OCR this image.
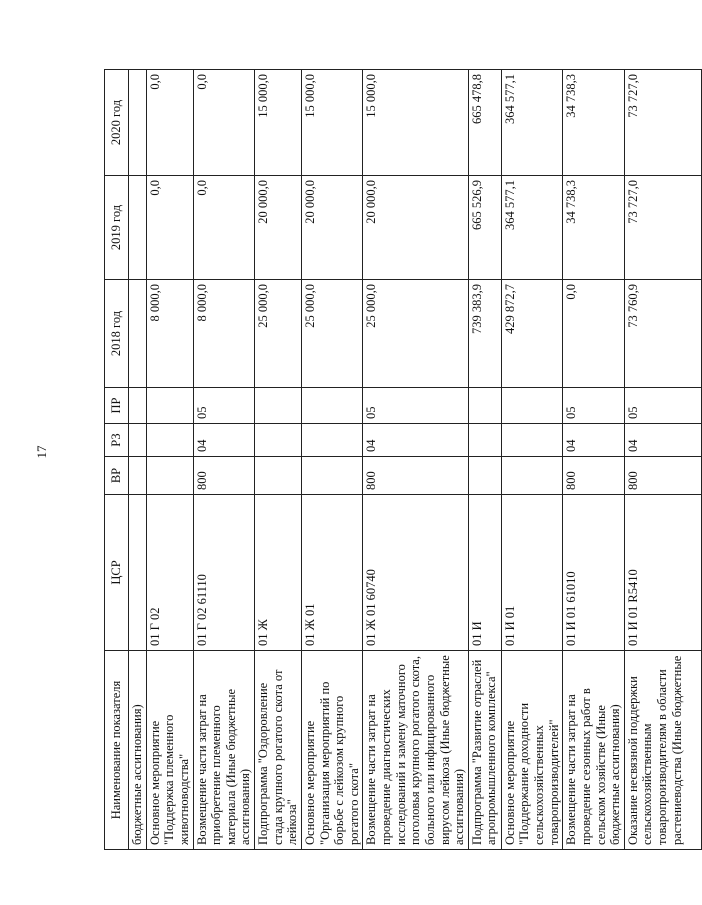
17
Наименование показателя	ЦСР	ВР	РЗ	ПР	2018 год	2019 год	2020 год
бюджетные ассигнования)							
Основное мероприятие "Поддержка племенного животноводства"	01 Г 02				8 000,0	0,0	0,0
Возмещение части затрат на приобретение племенного материала (Иные бюджетные ассигнования)	01 Г 02 61110	800	04	05	8 000,0	0,0	0,0
Подпрограмма "Оздоровление стада крупного рогатого скота от лейкоза"	01 Ж				25 000,0	20 000,0	15 000,0
Основное мероприятие "Организация мероприятий по борьбе с лейкозом крупного рогатого скота"	01 Ж 01				25 000,0	20 000,0	15 000,0
Возмещение части затрат на проведение диагностических исследований и замену маточного поголовья крупного рогатого скота, больного или инфицированного вирусом лейкоза (Иные бюджетные ассигнования)	01 Ж 01 60740	800	04	05	25 000,0	20 000,0	15 000,0
Подпрограмма "Развитие отраслей агропромышленного комплекса"	01 И				739 383,9	665 526,9	665 478,8
Основное мероприятие "Поддержание доходности сельскохозяйственных товаропроизводителей"	01 И 01				429 872,7	364 577,1	364 577,1
Возмещение части затрат на проведение сезонных работ в сельском хозяйстве (Иные бюджетные ассигнования)	01 И 01 61010	800	04	05	0,0	34 738,3	34 738,3
Оказание несвязной поддержки сельскохозяйственным товаропроизводителям в области растениеводства (Иные бюджетные	01 И 01 R5410	800	04	05	73 760,9	73 727,0	73 727,0
